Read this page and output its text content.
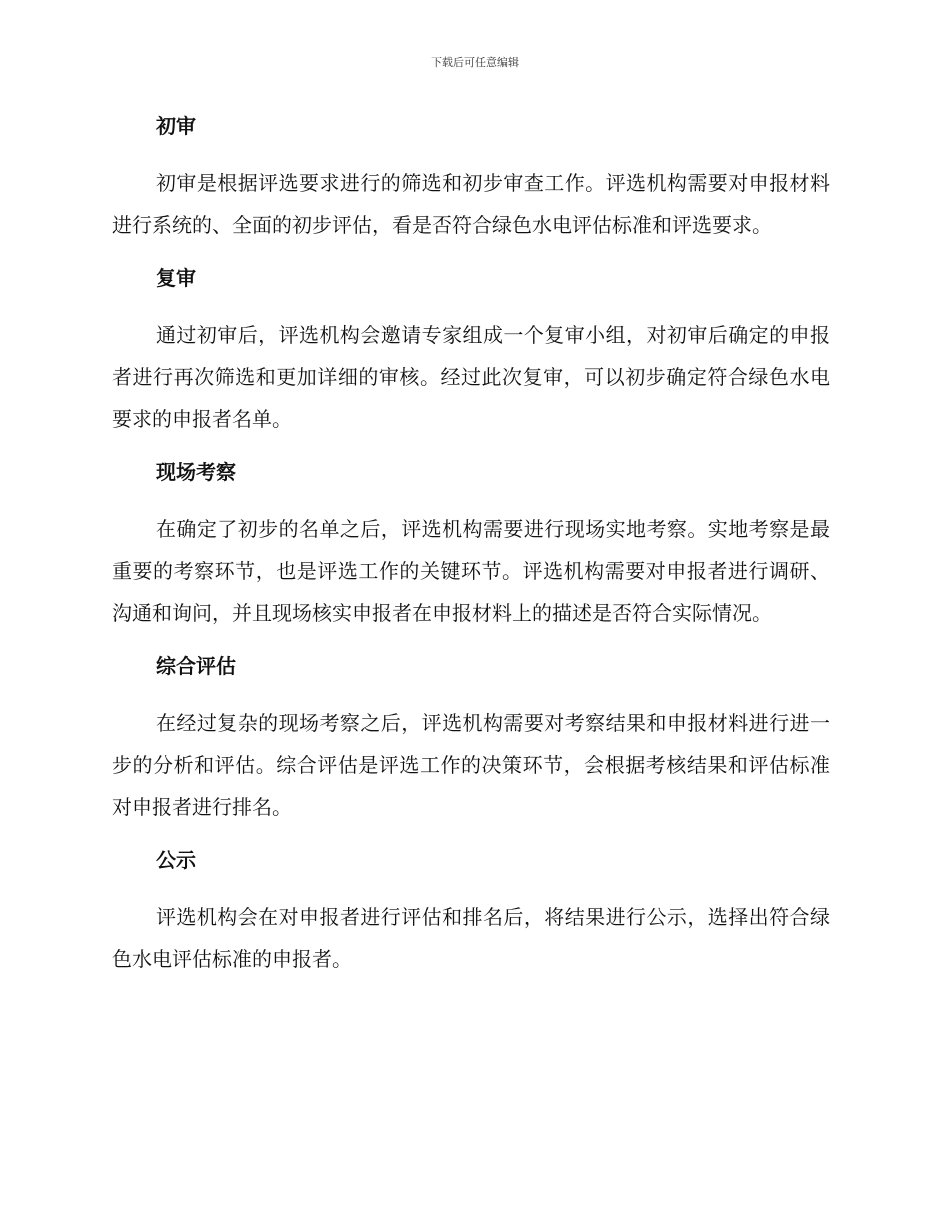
下载后可任意编辑
初审

初审是根据评选要求进行的筛选和初步审查工作。评选机构需要对申报材料进行系统的、全面的初步评估，看是否符合绿色水电评估标准和评选要求。

复审

通过初审后，评选机构会邀请专家组成一个复审小组，对初审后确定的申报者进行再次筛选和更加详细的审核。经过此次复审，可以初步确定符合绿色水电要求的申报者名单。

现场考察

在确定了初步的名单之后，评选机构需要进行现场实地考察。实地考察是最重要的考察环节，也是评选工作的关键环节。评选机构需要对申报者进行调研、沟通和询问，并且现场核实申报者在申报材料上的描述是否符合实际情况。

综合评估

在经过复杂的现场考察之后，评选机构需要对考察结果和申报材料进行进一步的分析和评估。综合评估是评选工作的决策环节，会根据考核结果和评估标准对申报者进行排名。

公示

评选机构会在对申报者进行评估和排名后，将结果进行公示，选择出符合绿色水电评估标准的申报者。
